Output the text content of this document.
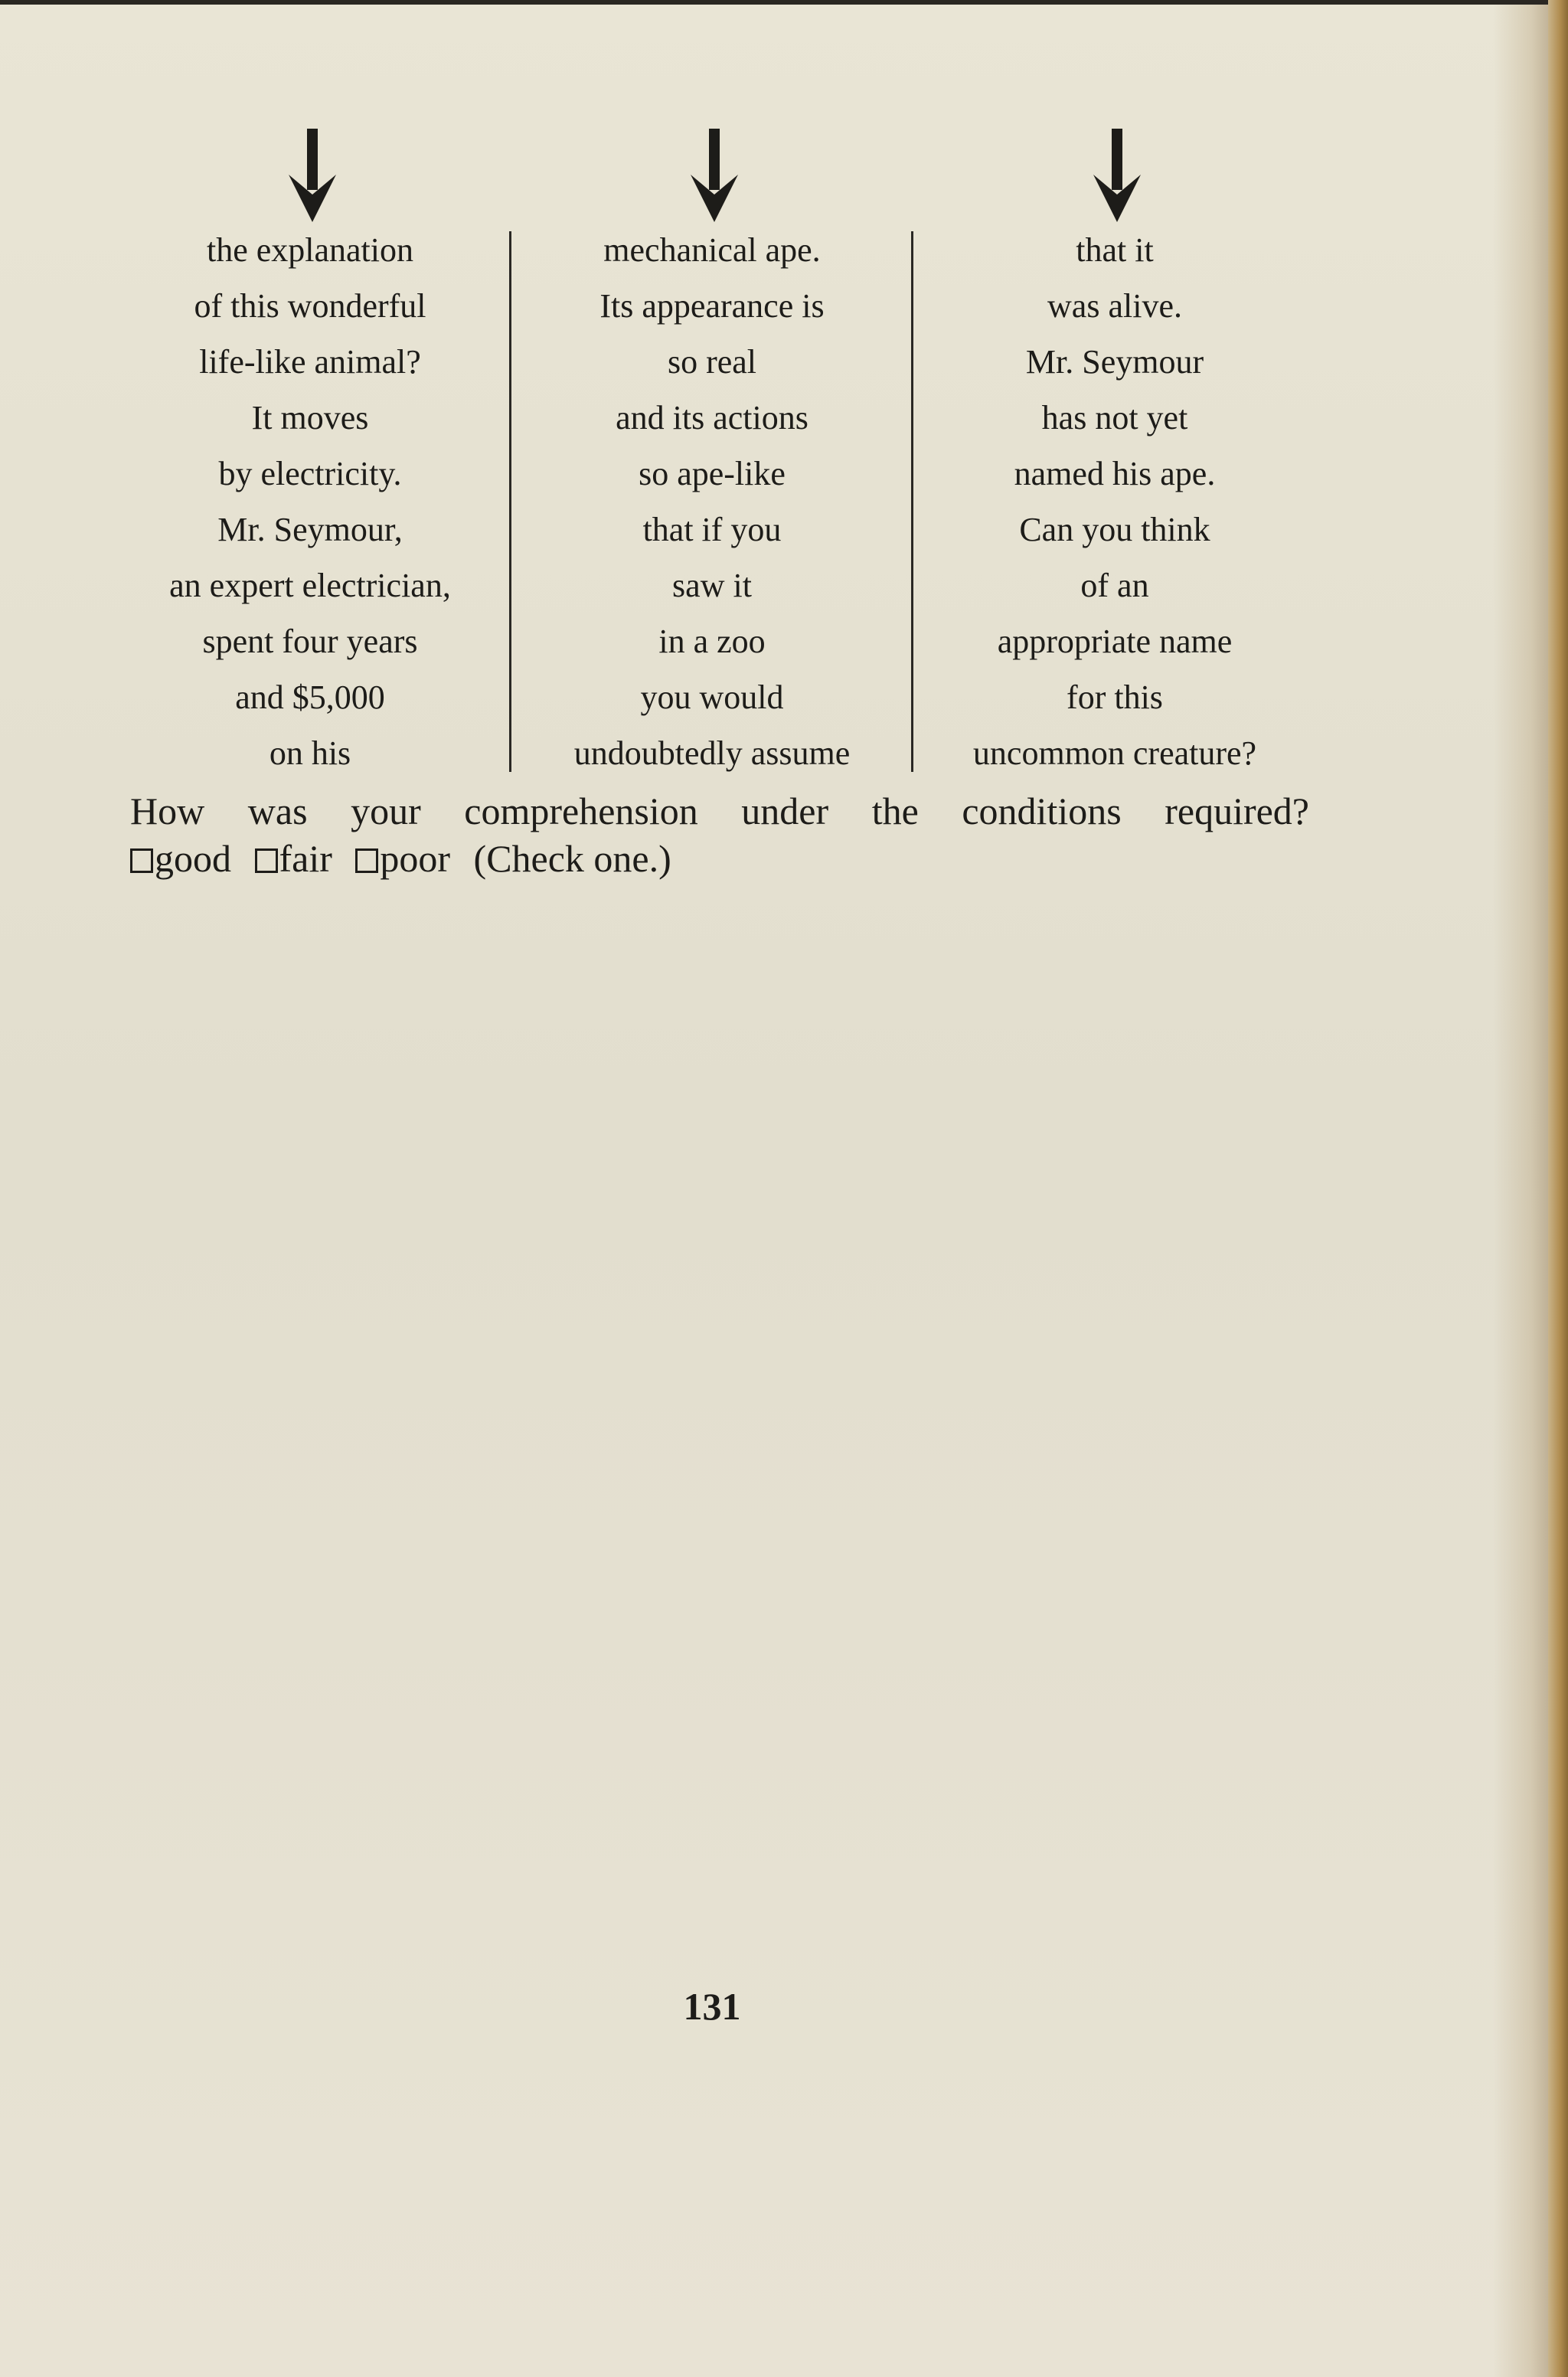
the explanation
of this wonderful
life-like animal?
It moves
by electricity.
Mr. Seymour,
an expert electrician,
spent four years
and $5,000
on his
mechanical ape.
Its appearance is
so real
and its actions
so ape-like
that if you
saw it
in a zoo
you would
undoubtedly assume
that it
was alive.
Mr. Seymour
has not yet
named his ape.
Can you think
of an
appropriate name
for this
uncommon creature?
How was your comprehension under the conditions required?
good fair poor (Check one.)
131
